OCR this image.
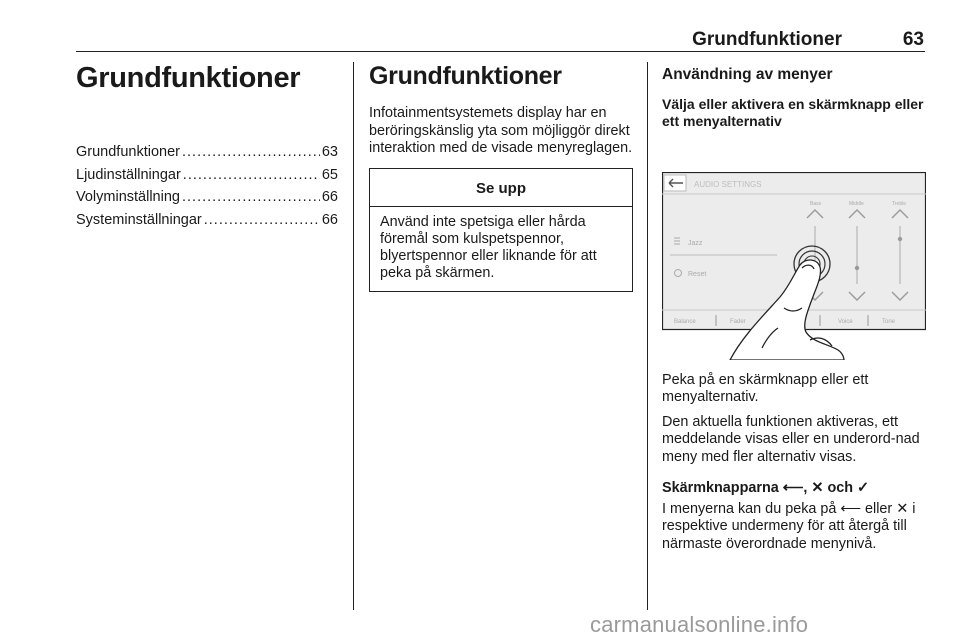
Grundfunktioner	63
Grundfunktioner
Grundfunktioner .....	63
Ljudinställningar .....	65
Volyminställning .....	66
Systeminställningar .....	66
Grundfunktioner

Infotainmentsystemets display har en beröringskänslig yta som möjliggör direkt interaktion med de visade menyreglagen.

Se upp
Använd inte spetsiga eller hårda föremål som kulspetspennor, blyertspennor eller liknande för att peka på skärmen.
Användning av menyer
Välja eller aktivera en skärmknapp eller ett menyalternativ
AUDIO SETTINGS
Bass	Middle	Treble
Jazz
Reset
Balance	Fader	Voice	Tone

Peka på en skärmknapp eller ett menyalternativ.

Den aktuella funktionen aktiveras, ett meddelande visas eller en underord-nad meny med fler alternativ visas.

Skärmknapparna ⟵, ✕ och ✓

I menyerna kan du peka på ⟵ eller ✕ i respektive undermeny för att återgå till närmaste överordnade menynivå.

carmanualsonline.info
